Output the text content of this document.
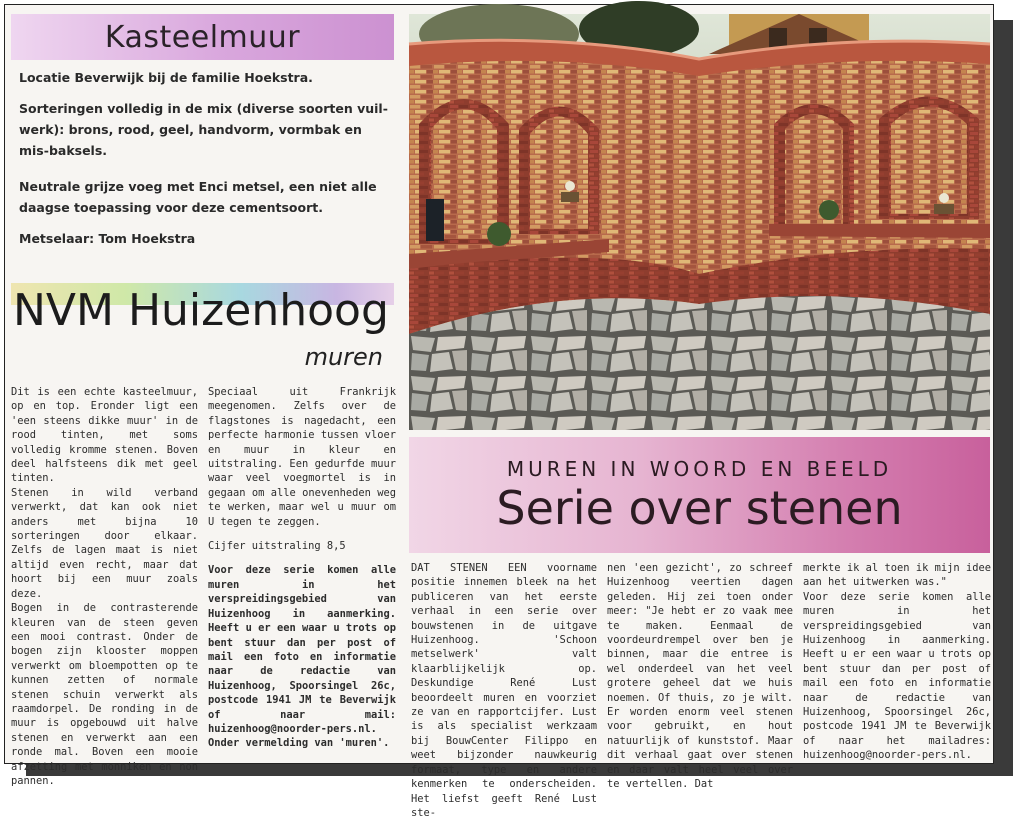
Kasteelmuur

Locatie Beverwijk bij de familie Hoekstra.

Sorteringen volledig in de mix (diverse soorten vuil-werk): brons, rood, geel, handvorm, vormbak en mis-baksels.

Neutrale grijze voeg met Enci metsel, een niet alle daagse toepassing voor deze cementsoort.

Metselaar: Tom Hoekstra

NVM Huizenhoog
muren

Dit is een echte kasteelmuur, op en top. Eronder ligt een 'een steens dikke muur' in de rood tinten, met soms volledig kromme stenen. Boven deel halfsteens dik met geel tinten.

Stenen in wild verband verwerkt, dat kan ook niet anders met bijna 10 sorteringen door elkaar. Zelfs de lagen maat is niet altijd even recht, maar dat hoort bij een muur zoals deze.

Bogen in de contrasterende kleuren van de steen geven een mooi contrast. Onder de bogen zijn klooster moppen verwerkt om bloempotten op te kunnen zetten of normale stenen schuin verwerkt als raamdorpel. De ronding in de muur is opgebouwd uit halve stenen en verwerkt aan een ronde mal. Boven een mooie afzetting met monniken en non pannen.

Speciaal uit Frankrijk meegenomen. Zelfs over de flagstones is nagedacht, een perfecte harmonie tussen vloer en muur in kleur en uitstraling. Een gedurfde muur waar veel voegmortel is in gegaan om alle onevenheden weg te werken, maar wel u muur om U tegen te zeggen.

Cijfer uitstraling 8,5

Voor deze serie komen alle muren in het verspreidingsgebied van Huizenhoog in aanmerking. Heeft u er een waar u trots op bent stuur dan per post of mail een foto en informatie naar de redactie van Huizenhoog, Spoorsingel 26c, postcode 1941 JM te Beverwijk of naar mail: huizenhoog@noorder-pers.nl. Onder vermelding van 'muren'.

MUREN IN WOORD EN BEELD
Serie over stenen

DAT STENEN EEN voorname positie innemen bleek na het publiceren van het eerste verhaal in een serie over bouwstenen in de uitgave Huizenhoog. 'Schoon metselwerk' valt klaarblijkelijk op. Deskundige René Lust beoordeelt muren en voorziet ze van en rapportcijfer. Lust is als specialist werkzaam bij BouwCenter Filippo en weet bijzonder nauwkeurig formaat, type en andere kenmerken te onderscheiden. Het liefst geeft René Lust ste-

nen 'een gezicht', zo schreef Huizenhoog veertien dagen geleden. Hij zei toen onder meer: "Je hebt er zo vaak mee te maken. Eenmaal de voordeurdrempel over ben je binnen, maar die entree is wel onderdeel van het veel grotere geheel dat we huis noemen. Of thuis, zo je wilt. Er worden enorm veel stenen voor gebruikt, en hout natuurlijk of kunststof. Maar dit verhaal gaat over stenen en daar valt heel veel over te vertellen. Dat

merkte ik al toen ik mijn idee aan het uitwerken was."

Voor deze serie komen alle muren in het verspreidingsgebied van Huizenhoog in aanmerking. Heeft u er een waar u trots op bent stuur dan per post of mail een foto en informatie naar de redactie van Huizenhoog, Spoorsingel 26c, postcode 1941 JM te Beverwijk of naar het mailadres: huizenhoog@noorder-pers.nl.
